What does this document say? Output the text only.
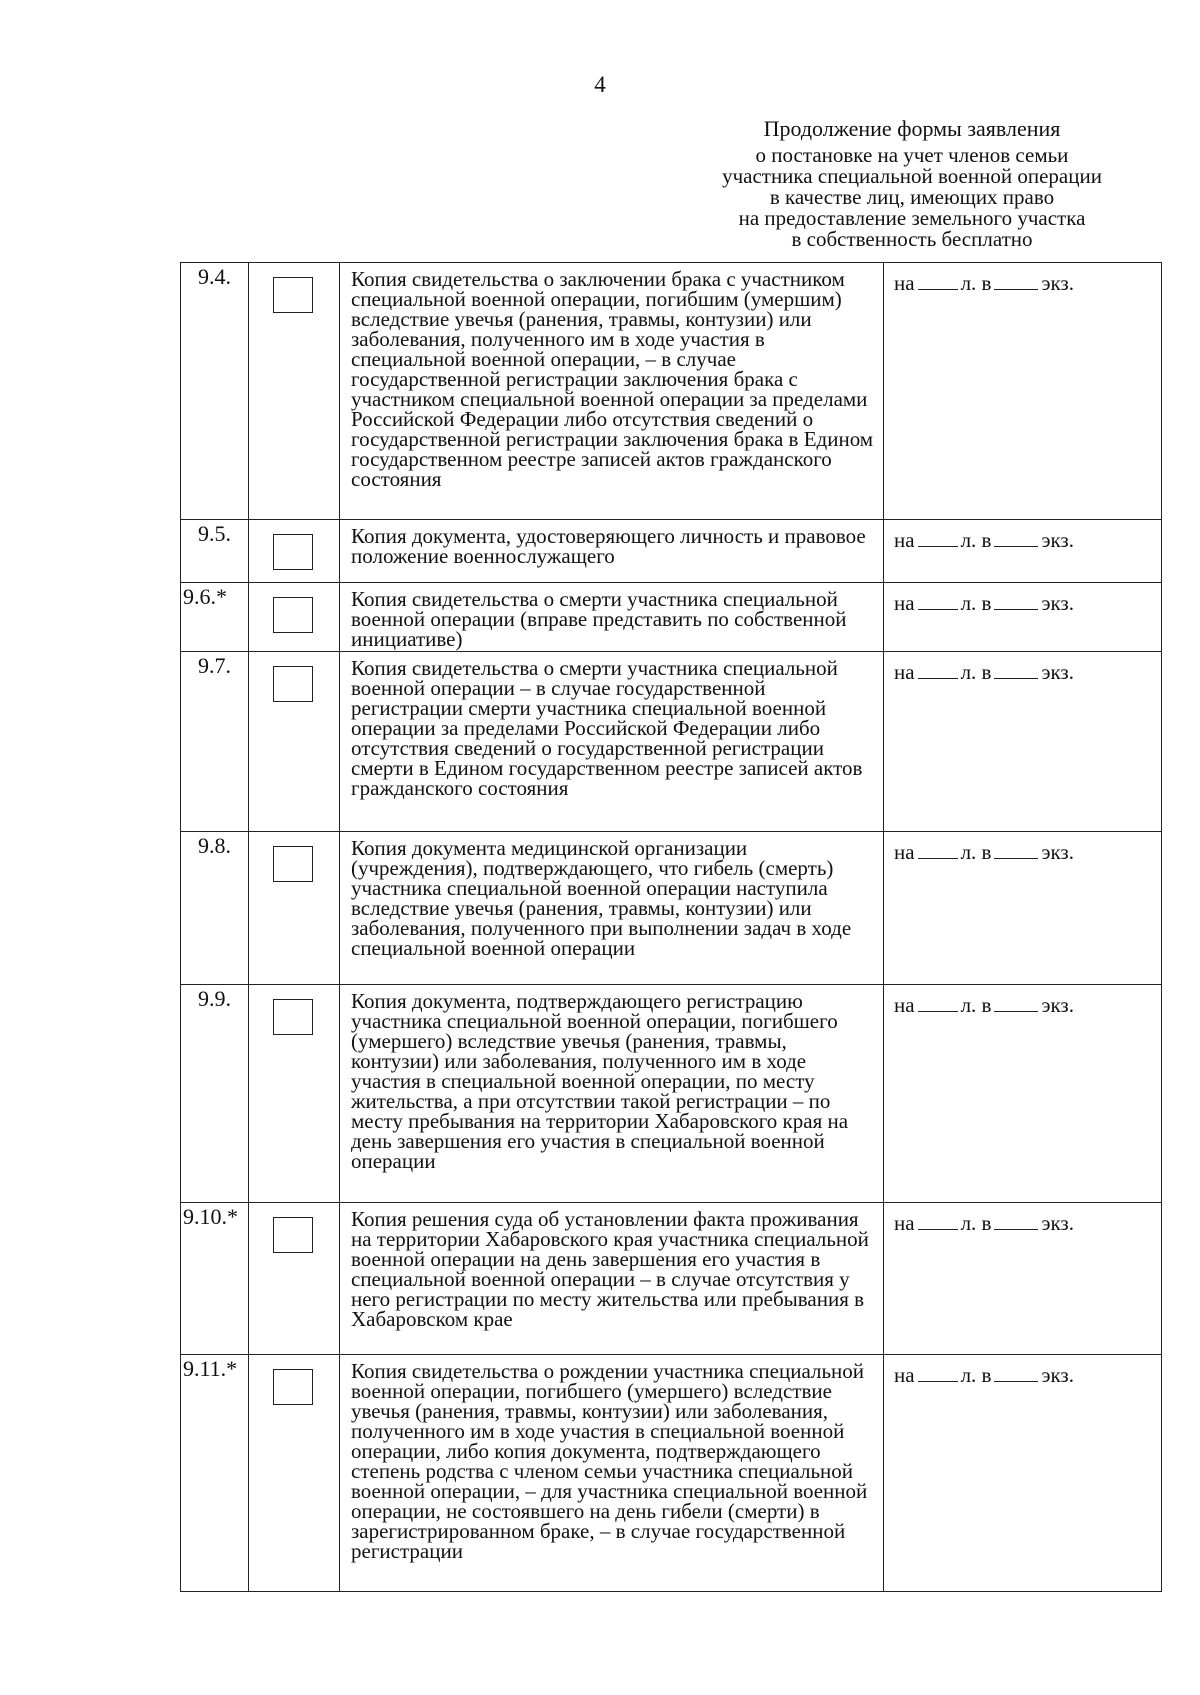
4
Продолжение формы заявления
о постановке на учет членов семьи
участника специальной военной операции
в качестве лиц, имеющих право
на предоставление земельного участка
в собственность бесплатно
9.4.		Копия свидетельства о заключении брака с участником специальной военной операции, погибшим (умершим) вследствие увечья (ранения, травмы, контузии) или заболевания, полученного им в ходе участия в специальной военной операции, – в случае государственной регистрации заключения брака с участником специальной военной операции за пределами Российской Федерации либо отсутствия сведений о государственной регистрации заключения брака в Едином государственном реестре записей актов гражданского состояния	на л. в экз.

9.5.		Копия документа, удостоверяющего личность и правовое положение военнослужащего	на л. в экз.

9.6.*		Копия свидетельства о смерти участника специальной военной операции (вправе представить по собственной инициативе)	на л. в экз.

9.7.		Копия свидетельства о смерти участника специальной военной операции – в случае государственной регистрации смерти участника специальной военной операции за пределами Российской Федерации либо отсутствия сведений о государственной регистрации смерти в Едином государственном реестре записей актов гражданского состояния	на л. в экз.

9.8.		Копия документа медицинской организации (учреждения), подтверждающего, что гибель (смерть) участника специальной военной операции наступила вследствие увечья (ранения, травмы, контузии) или заболевания, полученного при выполнении задач в ходе специальной военной операции	на л. в экз.

9.9.		Копия документа, подтверждающего регистрацию участника специальной военной операции, погибшего (умершего) вследствие увечья (ранения, травмы, контузии) или заболевания, полученного им в ходе участия в специальной военной операции, по месту жительства, а при отсутствии такой регистрации – по месту пребывания на территории Хабаровского края на день завершения его участия в специальной военной операции	на л. в экз.

9.10.*		Копия решения суда об установлении факта проживания на территории Хабаровского края участника специальной военной операции на день завершения его участия в специальной военной операции – в случае отсутствия у него регистрации по месту жительства или пребывания в Хабаровском крае	на л. в экз.

9.11.*		Копия свидетельства о рождении участника специальной военной операции, погибшего (умершего) вследствие увечья (ранения, травмы, контузии) или заболевания, полученного им в ходе участия в специальной военной операции, либо копия документа, подтверждающего степень родства с членом семьи участника специальной военной операции, – для участника специальной военной операции, не состоявшего на день гибели (смерти) в зарегистрированном браке, – в случае государственной регистрации	на л. в экз.
